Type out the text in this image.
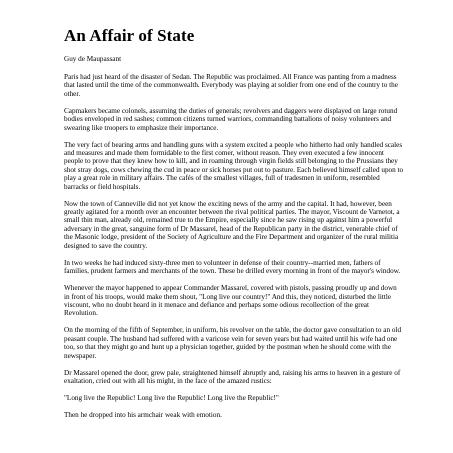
An Affair of State
Guy de Maupassant

Paris had just heard of the disaster of Sedan. The Republic was proclaimed. All France was panting from a madness that lasted until the time of the commonwealth. Everybody was playing at soldier from one end of the country to the other.

Capmakers became colonels, assuming the duties of generals; revolvers and daggers were displayed on large rotund bodies enveloped in red sashes; common citizens turned warriors, commanding battalions of noisy volunteers and swearing like troopers to emphasize their importance.

The very fact of bearing arms and handling guns with a system excited a people who hitherto had only handled scales and measures and made them formidable to the first comer, without reason. They even executed a few innocent people to prove that they knew how to kill, and in roaming through virgin fields still belonging to the Prussians they shot stray dogs, cows chewing the cud in peace or sick horses put out to pasture. Each believed himself called upon to play a great role in military affairs. The cafés of the smallest villages, full of tradesmen in uniform, resembled barracks or field hospitals.

Now the town of Canneville did not yet know the exciting news of the army and the capital. It had, however, been greatly agitated for a month over an encounter between the rival political parties. The mayor, Viscount de Varnetot, a small thin man, already old, remained true to the Empire, especially since he saw rising up against him a powerful adversary in the great, sanguine form of Dr Massarel, head of the Republican party in the district, venerable chief of the Masonic lodge, president of the Society of Agriculture and the Fire Department and organizer of the rural militia designed to save the country.

In two weeks he had induced sixty-three men to volunteer in defense of their country--married men, fathers of families, prudent farmers and merchants of the town. These he drilled every morning in front of the mayor's window.

Whenever the mayor happened to appear Commander Massarel, covered with pistols, passing proudly up and down in front of his troops, would make them shout, "Long live our country!" And this, they noticed, disturbed the little viscount, who no doubt heard in it menace and defiance and perhaps some odious recollection of the great Revolution.

On the morning of the fifth of September, in uniform, his revolver on the table, the doctor gave consultation to an old peasant couple. The husband had suffered with a varicose vein for seven years but had waited until his wife had one too, so that they might go and hunt up a physician together, guided by the postman when he should come with the newspaper.

Dr Massarel opened the door, grew pale, straightened himself abruptly and, raising his arms to heaven in a gesture of exaltation, cried out with all his might, in the face of the amazed rustics:

"Long live the Republic! Long live the Republic! Long live the Republic!"

Then he dropped into his armchair weak with emotion.
